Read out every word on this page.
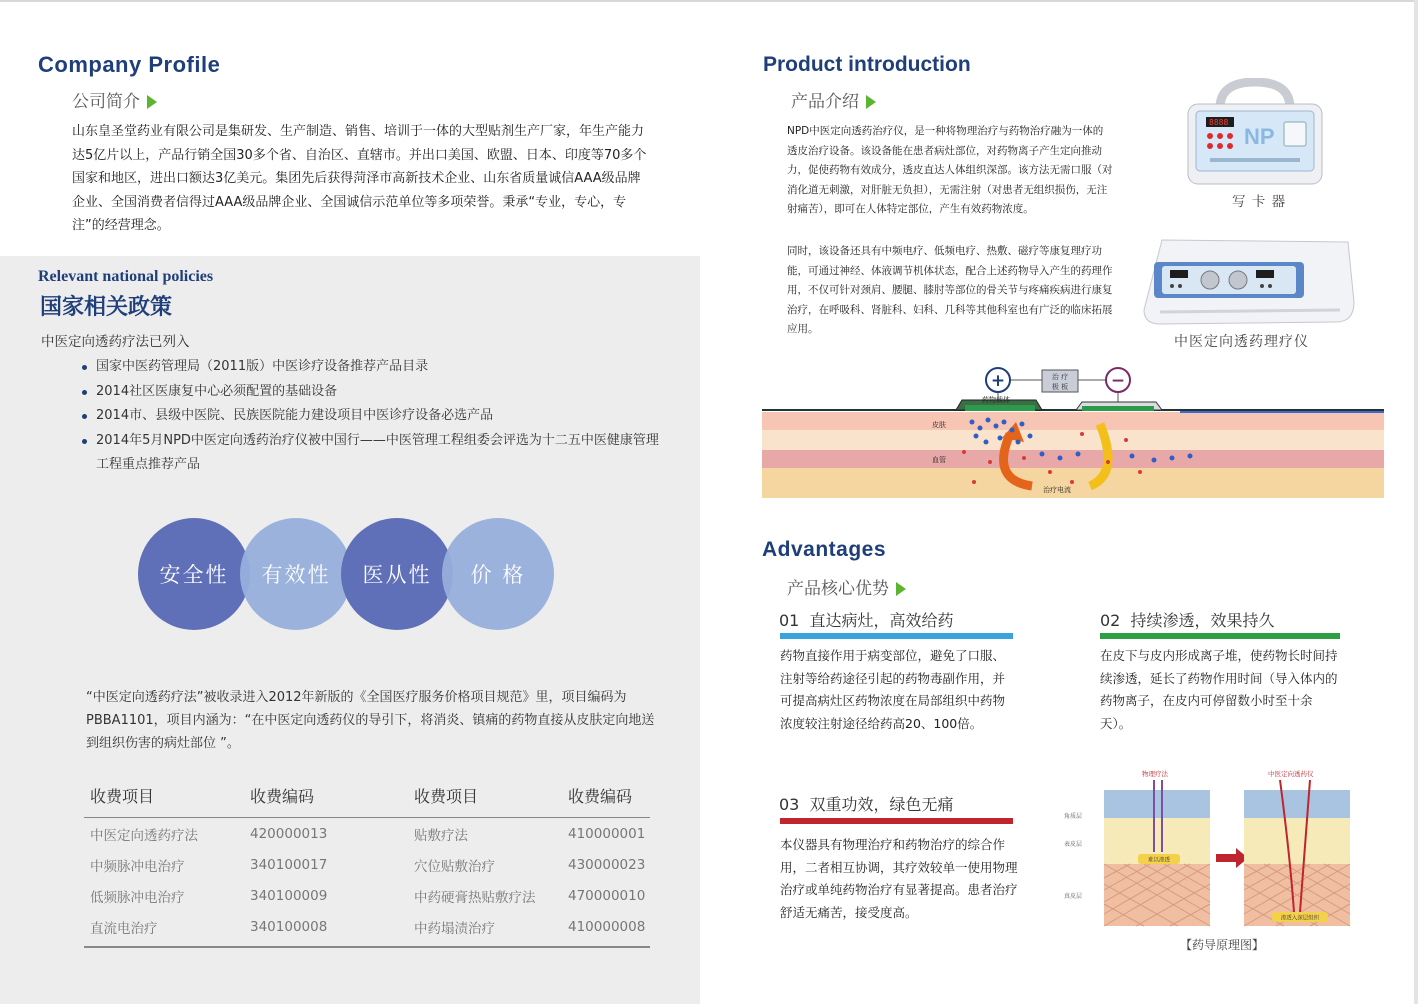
Company Profile
公司简介
山东皇圣堂药业有限公司是集研发、生产制造、销售、培训于一体的大型贴剂生产厂家，年生产能力达5亿片以上，产品行销全国30多个省、自治区、直辖市。并出口美国、欧盟、日本、印度等70多个国家和地区，进出口额达3亿美元。集团先后获得菏泽市高新技术企业、山东省质量诚信AAA级品牌企业、全国消费者信得过AAA级品牌企业、全国诚信示范单位等多项荣誉。秉承“专业，专心，专注”的经营理念。
Relevant national policies
国家相关政策
中医定向透药疗法已列入
国家中医药管理局（2011版）中医诊疗设备推荐产品目录
2014社区医康复中心必须配置的基础设备
2014市、县级中医院、民族医院能力建设项目中医诊疗设备必选产品
2014年5月NPD中医定向透药治疗仪被中国行——中医管理工程组委会评选为十二五中医健康管理工程重点推荐产品
安全性 有效性 医从性 价 格
“中医定向透药疗法”被收录进入2012年新版的《全国医疗服务价格项目规范》里，项目编码为PBBA1101，项目内涵为：“在中医定向透药仪的导引下，将消炎、镇痛的药物直接从皮肤定向地送到组织伤害的病灶部位 ”。
收费项目	收费编码	收费项目	收费编码
中医定向透药疗法	420000013	贴敷疗法	410000001
中频脉冲电治疗	340100017	穴位贴敷治疗	430000023
低频脉冲电治疗	340100009	中药硬膏热贴敷疗法	470000010
直流电治疗	340100008	中药塌渍治疗	410000008
Product introduction
产品介绍
NPD中医定向透药治疗仪，是一种将物理治疗与药物治疗融为一体的透皮治疗设备。该设备能在患者病灶部位，对药物离子产生定向推动力，促使药物有效成分，透皮直达人体组织深部。该方法无需口服（对消化道无刺激，对肝脏无负担），无需注射（对患者无组织损伤，无注射痛苦），即可在人体特定部位，产生有效药物浓度。
同时，该设备还具有中频电疗、低频电疗、热敷、磁疗等康复理疗功能，可通过神经、体液调节机体状态，配合上述药物导入产生的药理作用，不仅可针对颈肩、腰腿、膝肘等部位的骨关节与疼痛疾病进行康复治疗，在呼吸科、肾脏科、妇科、几科等其他科室也有广泛的临床拓展应用。
8888
NP
写 卡 器
中医定向透药理疗仪
+	−
治 疗
极 板
药物载体
皮肤
血管
治疗电流
Advantages
产品核心优势
01 直达病灶，高效给药
药物直接作用于病变部位，避免了口服、注射等给药途径引起的药物毒副作用，并可提高病灶区药物浓度在局部组织中药物浓度较注射途径给药高20、100倍。
02 持续渗透，效果持久
在皮下与皮内形成离子堆，使药物长时间持续渗透，延长了药物作用时间（导入体内的药物离子，在皮内可停留数小时至十余天）。
03 双重功效，绿色无痛
本仪器具有物理治疗和药物治疗的综合作用，二者相互协调，其疗效较单一使用物理治疗或单纯药物治疗有显著提高。患者治疗舒适无痛苦，接受度高。
物理疗法	中医定向透药仪
角质层
表皮层
真皮层
难以渗透
渗透入深层组织
【药导原理图】
